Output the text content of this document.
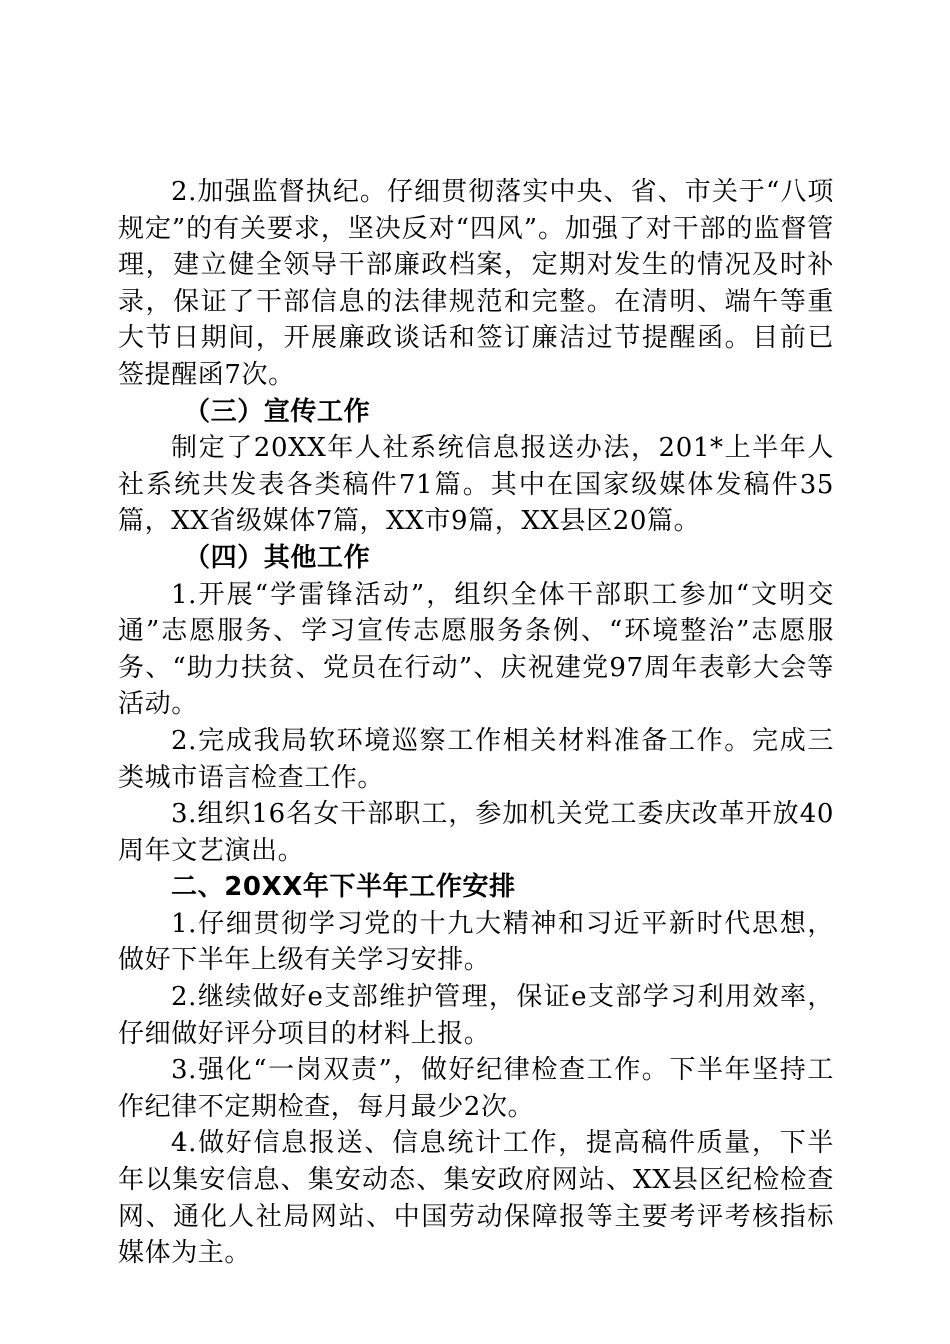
2.加强监督执纪。仔细贯彻落实中央、省、市关于“八项规定”的有关要求，坚决反对“四风”。加强了对干部的监督管理，建立健全领导干部廉政档案，定期对发生的情况及时补录，保证了干部信息的法律规范和完整。在清明、端午等重大节日期间，开展廉政谈话和签订廉洁过节提醒函。目前已签提醒函7次。

（三）宣传工作

制定了20XX年人社系统信息报送办法，201*上半年人社系统共发表各类稿件71篇。其中在国家级媒体发稿件35篇，XX省级媒体7篇，XX市9篇，XX县区20篇。

（四）其他工作

1.开展“学雷锋活动”，组织全体干部职工参加“文明交通”志愿服务、学习宣传志愿服务条例、“环境整治”志愿服务、“助力扶贫、党员在行动”、庆祝建党97周年表彰大会等活动。

2.完成我局软环境巡察工作相关材料准备工作。完成三类城市语言检查工作。

3.组织16名女干部职工，参加机关党工委庆改革开放40周年文艺演出。

二、20XX年下半年工作安排

1.仔细贯彻学习党的十九大精神和习近平新时代思想，做好下半年上级有关学习安排。

2.继续做好e支部维护管理，保证e支部学习利用效率，仔细做好评分项目的材料上报。

3.强化“一岗双责”，做好纪律检查工作。下半年坚持工作纪律不定期检查，每月最少2次。

4.做好信息报送、信息统计工作，提高稿件质量，下半年以集安信息、集安动态、集安政府网站、XX县区纪检检查网、通化人社局网站、中国劳动保障报等主要考评考核指标媒体为主。
